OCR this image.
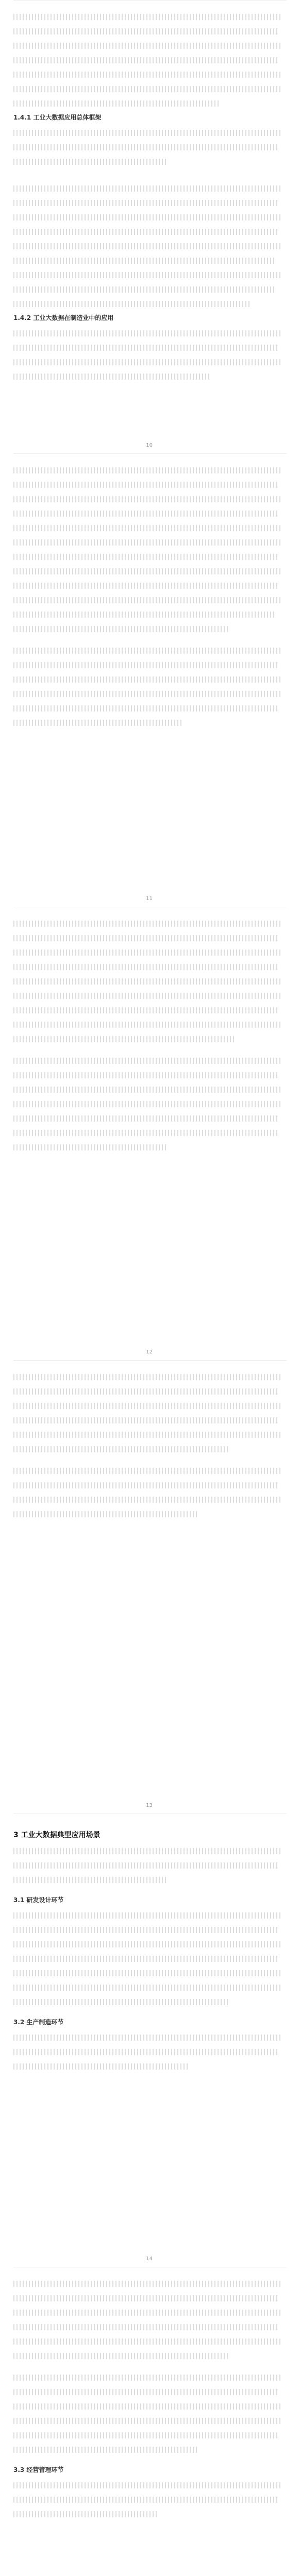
1.4.1 工业大数据应用总体框架
1.4.2 工业大数据在制造业中的应用
10
11
12
13
3 工业大数据典型应用场景
3.1 研发设计环节
3.2 生产制造环节
14
3.3 经营管理环节
